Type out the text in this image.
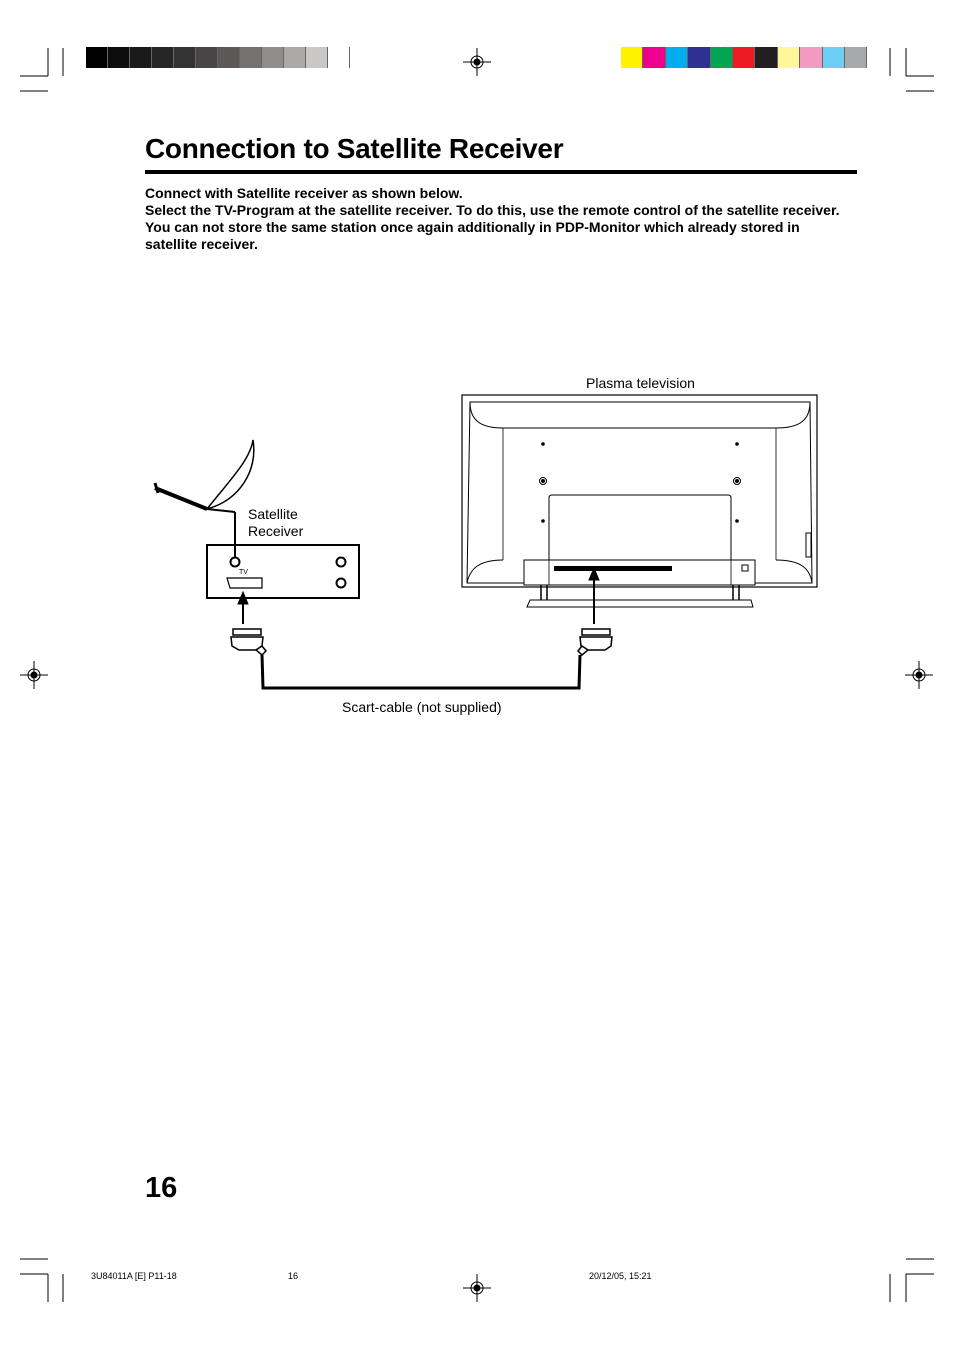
Connection to Satellite Receiver

Connect with Satellite receiver as shown below.

Select the TV-Program at the satellite receiver. To do this, use the remote control of the satellite receiver. You can not store the same station once again additionally in PDP-Monitor which already stored in satellite receiver.

Plasma television
Satellite
Receiver
TV
Scart-cable (not supplied)
16
3U84011A [E] P11-18	16	20/12/05, 15:21
